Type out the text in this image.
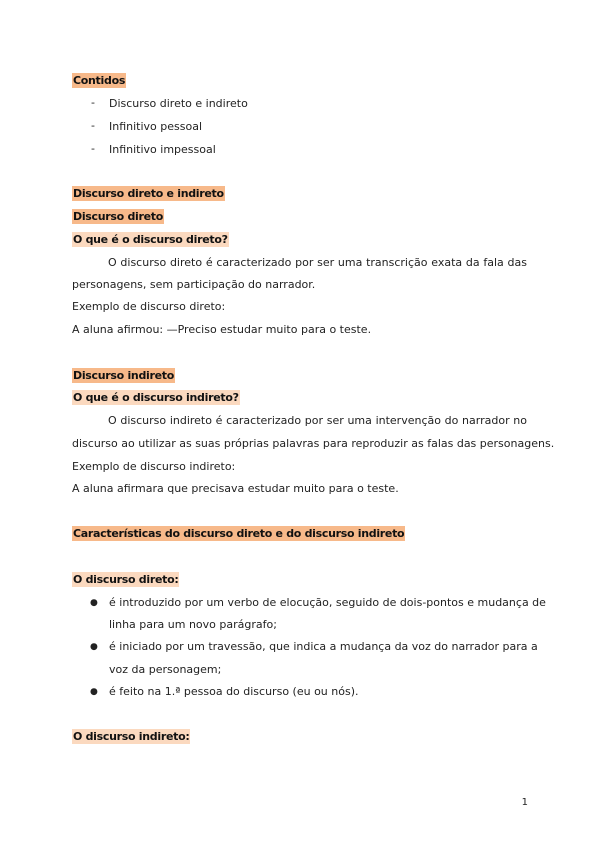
Contidos
- Discurso direto e indireto
- Infinitivo pessoal
- Infinitivo impessoal
Discurso direto e indireto
Discurso direto
O que é o discurso direto?
O discurso direto é caracterizado por ser uma transcrição exata da fala das
personagens, sem participação do narrador.
Exemplo de discurso direto:
A aluna afirmou: —Preciso estudar muito para o teste.
Discurso indireto
O que é o discurso indireto?
O discurso indireto é caracterizado por ser uma intervenção do narrador no
discurso ao utilizar as suas próprias palavras para reproduzir as falas das personagens.
Exemplo de discurso indireto:
A aluna afirmara que precisava estudar muito para o teste.
Características do discurso direto e do discurso indireto
O discurso direto:
● é introduzido por um verbo de elocução, seguido de dois-pontos e mudança de
linha para um novo parágrafo;
● é iniciado por um travessão, que indica a mudança da voz do narrador para a
voz da personagem;
● é feito na 1.ª pessoa do discurso (eu ou nós).
O discurso indireto:
1
